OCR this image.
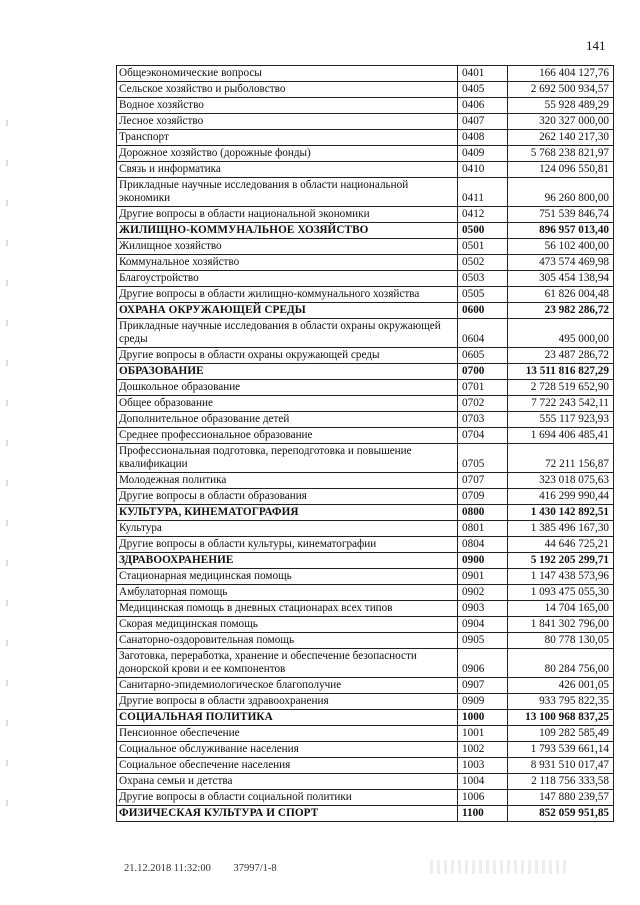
141
Общеэкономические вопросы	0401	166 404 127,76
Сельское хозяйство и рыболовство	0405	2 692 500 934,57
Водное хозяйство	0406	55 928 489,29
Лесное хозяйство	0407	320 327 000,00
Транспорт	0408	262 140 217,30
Дорожное хозяйство (дорожные фонды)	0409	5 768 238 821,97
Связь и информатика	0410	124 096 550,81
Прикладные научные исследования в области национальной экономики	0411	96 260 800,00
Другие вопросы в области национальной экономики	0412	751 539 846,74
ЖИЛИЩНО-КОММУНАЛЬНОЕ ХОЗЯЙСТВО	0500	896 957 013,40
Жилищное хозяйство	0501	56 102 400,00
Коммунальное хозяйство	0502	473 574 469,98
Благоустройство	0503	305 454 138,94
Другие вопросы в области жилищно-коммунального хозяйства	0505	61 826 004,48
ОХРАНА ОКРУЖАЮЩЕЙ СРЕДЫ	0600	23 982 286,72
Прикладные научные исследования в области охраны окружающей среды	0604	495 000,00
Другие вопросы в области охраны окружающей среды	0605	23 487 286,72
ОБРАЗОВАНИЕ	0700	13 511 816 827,29
Дошкольное образование	0701	2 728 519 652,90
Общее образование	0702	7 722 243 542,11
Дополнительное образование детей	0703	555 117 923,93
Среднее профессиональное образование	0704	1 694 406 485,41
Профессиональная подготовка, переподготовка и повышение квалификации	0705	72 211 156,87
Молодежная политика	0707	323 018 075,63
Другие вопросы в области образования	0709	416 299 990,44
КУЛЬТУРА, КИНЕМАТОГРАФИЯ	0800	1 430 142 892,51
Культура	0801	1 385 496 167,30
Другие вопросы в области культуры, кинематографии	0804	44 646 725,21
ЗДРАВООХРАНЕНИЕ	0900	5 192 205 299,71
Стационарная медицинская помощь	0901	1 147 438 573,96
Амбулаторная помощь	0902	1 093 475 055,30
Медицинская помощь в дневных стационарах всех типов	0903	14 704 165,00
Скорая медицинская помощь	0904	1 841 302 796,00
Санаторно-оздоровительная помощь	0905	80 778 130,05
Заготовка, переработка, хранение и обеспечение безопасности донорской крови и ее компонентов	0906	80 284 756,00
Санитарно-эпидемиологическое благополучие	0907	426 001,05
Другие вопросы в области здравоохранения	0909	933 795 822,35
СОЦИАЛЬНАЯ ПОЛИТИКА	1000	13 100 968 837,25
Пенсионное обеспечение	1001	109 282 585,49
Социальное обслуживание населения	1002	1 793 539 661,14
Социальное обеспечение населения	1003	8 931 510 017,47
Охрана семьи и детства	1004	2 118 756 333,58
Другие вопросы в области социальной политики	1006	147 880 239,57
ФИЗИЧЕСКАЯ КУЛЬТУРА И СПОРТ	1100	852 059 951,85
21.12.2018 11:32:00 37997/1-8
